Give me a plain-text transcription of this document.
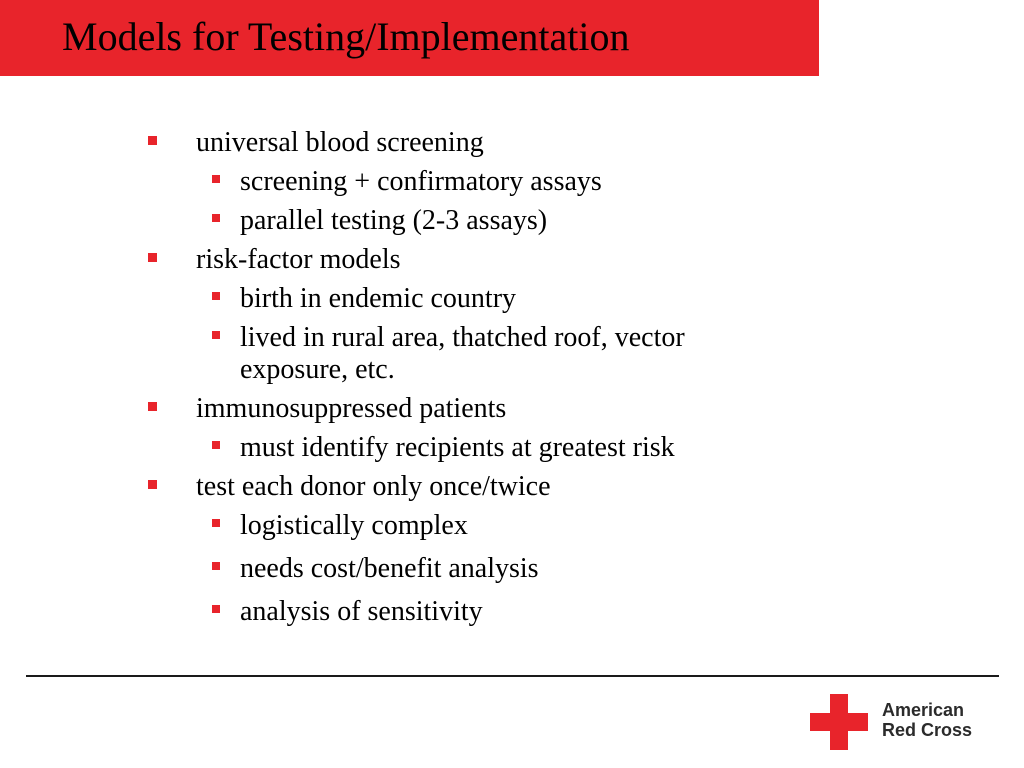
Models for Testing/Implementation
universal blood screening
screening + confirmatory assays
parallel testing (2-3 assays)
risk-factor models
birth in endemic country
lived in rural area, thatched roof, vector
exposure, etc.
immunosuppressed patients
must identify recipients at greatest risk
test each donor only once/twice
logistically complex
needs cost/benefit analysis
analysis of sensitivity
American
Red Cross
